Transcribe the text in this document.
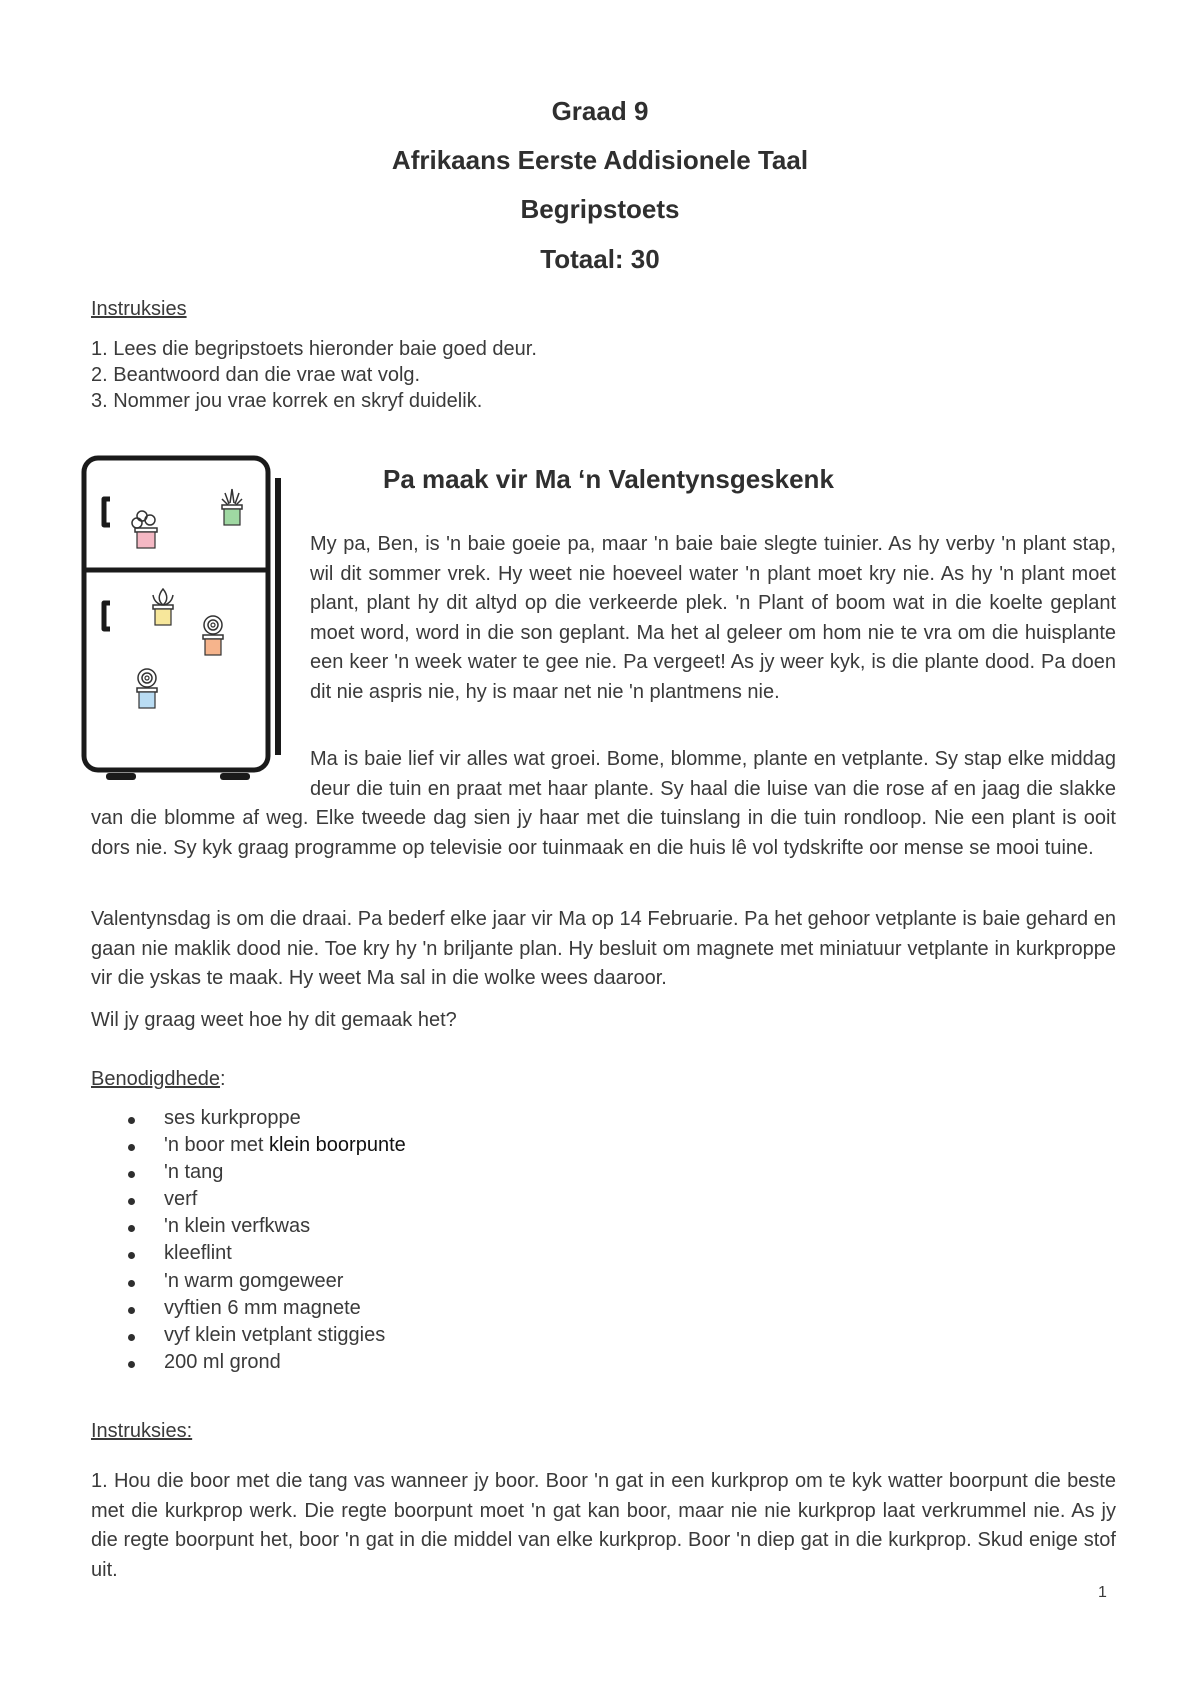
Graad 9
Afrikaans Eerste Addisionele Taal
Begripstoets
Totaal: 30
Instruksies
1. Lees die begripstoets hieronder baie goed deur.
2. Beantwoord dan die vrae wat volg.
3. Nommer jou vrae korrek en skryf duidelik.
Pa maak vir Ma ‘n Valentynsgeskenk
My pa, Ben, is 'n baie goeie pa, maar 'n baie baie slegte tuinier. As hy verby 'n plant stap, wil dit sommer vrek. Hy weet nie hoeveel water 'n plant moet kry nie. As hy 'n plant moet plant, plant hy dit altyd op die verkeerde plek. 'n Plant of boom wat in die koelte geplant moet word, word in die son geplant. Ma het al geleer om hom nie te vra om die huisplante een keer 'n week water te gee nie. Pa vergeet! As jy weer kyk, is die plante dood. Pa doen dit nie aspris nie, hy is maar net nie 'n plantmens nie.
Ma is baie lief vir alles wat groei. Bome, blomme, plante en vetplante. Sy stap elke middag deur die tuin en praat met haar plante. Sy haal die luise van die rose af en jaag die slakke van die blomme af weg. Elke tweede dag sien jy haar met die tuinslang in die tuin rondloop. Nie een plant is ooit dors nie. Sy kyk graag programme op televisie oor tuinmaak en die huis lê vol tydskrifte oor mense se mooi tuine.
Valentynsdag is om die draai. Pa bederf elke jaar vir Ma op 14 Februarie. Pa het gehoor vetplante is baie gehard en gaan nie maklik dood nie. Toe kry hy 'n briljante plan. Hy besluit om magnete met miniatuur vetplante in kurkproppe vir die yskas te maak. Hy weet Ma sal in die wolke wees daaroor.
Wil jy graag weet hoe hy dit gemaak het?
Benodigdhede:
ses kurkproppe
'n boor met klein boorpunte
'n tang
verf
'n klein verfkwas
kleeflint
'n warm gomgeweer
vyftien 6 mm magnete
vyf klein vetplant stiggies
200 ml grond
Instruksies:
1. Hou die boor met die tang vas wanneer jy boor. Boor 'n gat in een kurkprop om te kyk watter boorpunt die beste met die kurkprop werk. Die regte boorpunt moet 'n gat kan boor, maar nie nie kurkprop laat verkrummel nie. As jy die regte boorpunt het, boor 'n gat in die middel van elke kurkprop. Boor 'n diep gat in die kurkprop. Skud enige stof uit.
1
